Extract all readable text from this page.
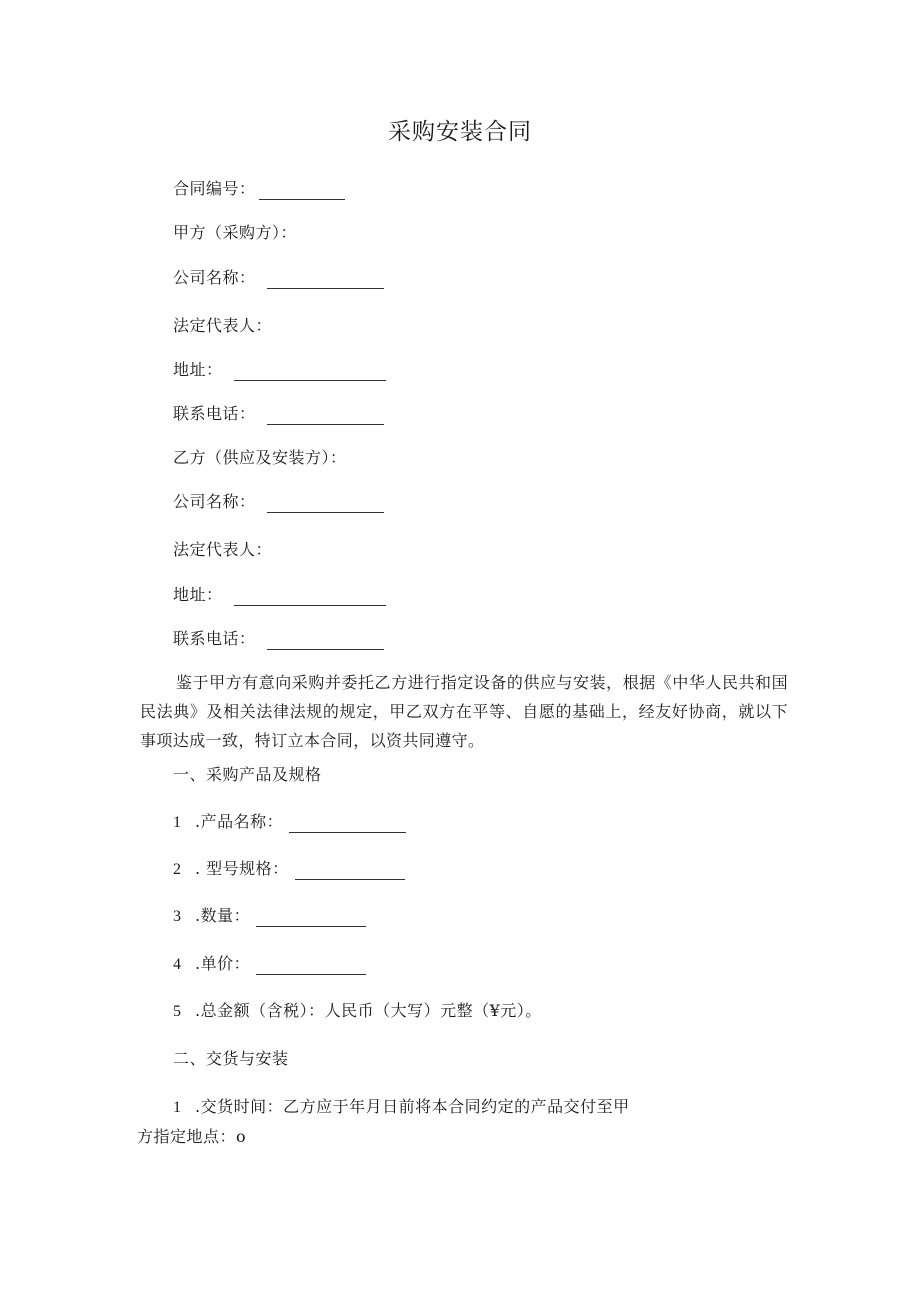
采购安装合同
合同编号：
甲方（采购方）：
公司名称：
法定代表人：
地址：
联系电话：
乙方（供应及安装方）：
公司名称：
法定代表人：
地址：
联系电话：
鉴于甲方有意向采购并委托乙方进行指定设备的供应与安装，根据《中华人民共和国民法典》及相关法律法规的规定，甲乙双方在平等、自愿的基础上，经友好协商，就以下事项达成一致，特订立本合同，以资共同遵守。
一、采购产品及规格
1 .产品名称：
2 . 型号规格：
3 .数量：
4 .单价：
5 .总金额（含税）：人民币（大写）元整（¥元）。
二、交货与安装
1 .交货时间：乙方应于年月日前将本合同约定的产品交付至甲
方指定地点：o
